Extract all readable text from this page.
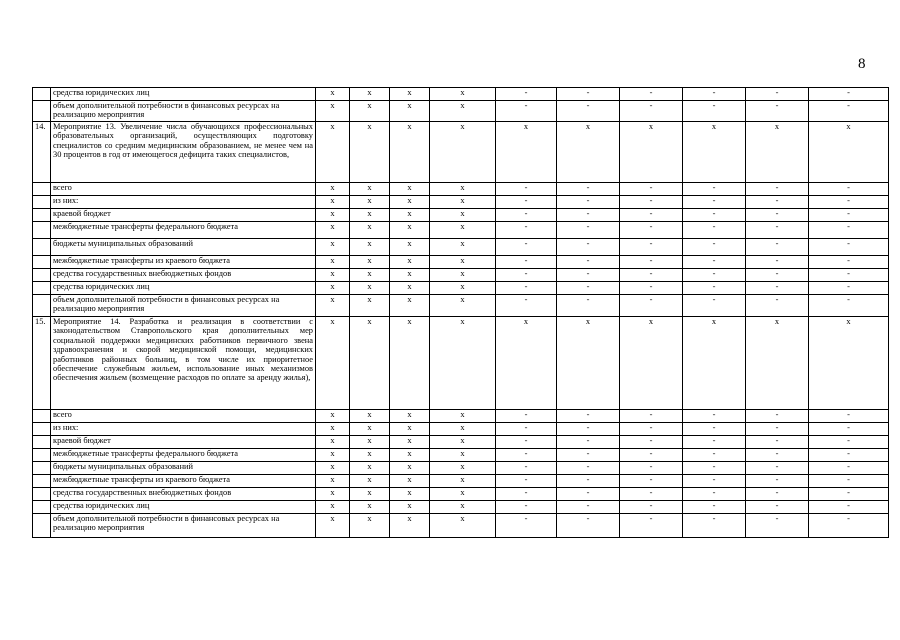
8
	средства юридических лиц	х	х	х	х	-	-	-	-	-	-
	объем дополнительной потребности в финансовых ресурсах на реализацию мероприятия	х	х	х	х	-	-	-	-	-	-
14.	Мероприятие 13. Увеличение числа обучающихся профессиональных образовательных организаций, осуществляющих подготовку специалистов со средним медицинским образованием, не менее чем на 30 процентов в год от имеющегося дефицита таких специалистов,	х	х	х	х	х	х	х	х	х	х
	всего	х	х	х	х	-	-	-	-	-	-
	из них:	х	х	х	х	-	-	-	-	-	-
	краевой бюджет	х	х	х	х	-	-	-	-	-	-
	межбюджетные трансферты федерального бюджета	х	х	х	х	-	-	-	-	-	-
	бюджеты муниципальных образований	х	х	х	х	-	-	-	-	-	-
	межбюджетные трансферты из краевого бюджета	х	х	х	х	-	-	-	-	-	-
	средства государственных внебюджетных фондов	х	х	х	х	-	-	-	-	-	-
	средства юридических лиц	х	х	х	х	-	-	-	-	-	-
	объем дополнительной потребности в финансовых ресурсах на реализацию мероприятия	х	х	х	х	-	-	-	-	-	-
15.	Мероприятие 14. Разработка и реализация в соответствии с законодательством Ставропольского края дополнительных мер социальной поддержки медицинских работников первичного звена здравоохранения и скорой медицинской помощи, медицинских работников районных больниц, в том числе их приоритетное обеспечение служебным жильем, использование иных механизмов обеспечения жильем (возмещение расходов по оплате за аренду жилья),	х	х	х	х	х	х	х	х	х	х
	всего	х	х	х	х	-	-	-	-	-	-
	из них:	х	х	х	х	-	-	-	-	-	-
	краевой бюджет	х	х	х	х	-	-	-	-	-	-
	межбюджетные трансферты федерального бюджета	х	х	х	х	-	-	-	-	-	-
	бюджеты муниципальных образований	х	х	х	х	-	-	-	-	-	-
	межбюджетные трансферты из краевого бюджета	х	х	х	х	-	-	-	-	-	-
	средства государственных внебюджетных фондов	х	х	х	х	-	-	-	-	-	-
	средства юридических лиц	х	х	х	х	-	-	-	-	-	-
	объем дополнительной потребности в финансовых ресурсах на реализацию мероприятия	х	х	х	х	-	-	-	-	-	-
